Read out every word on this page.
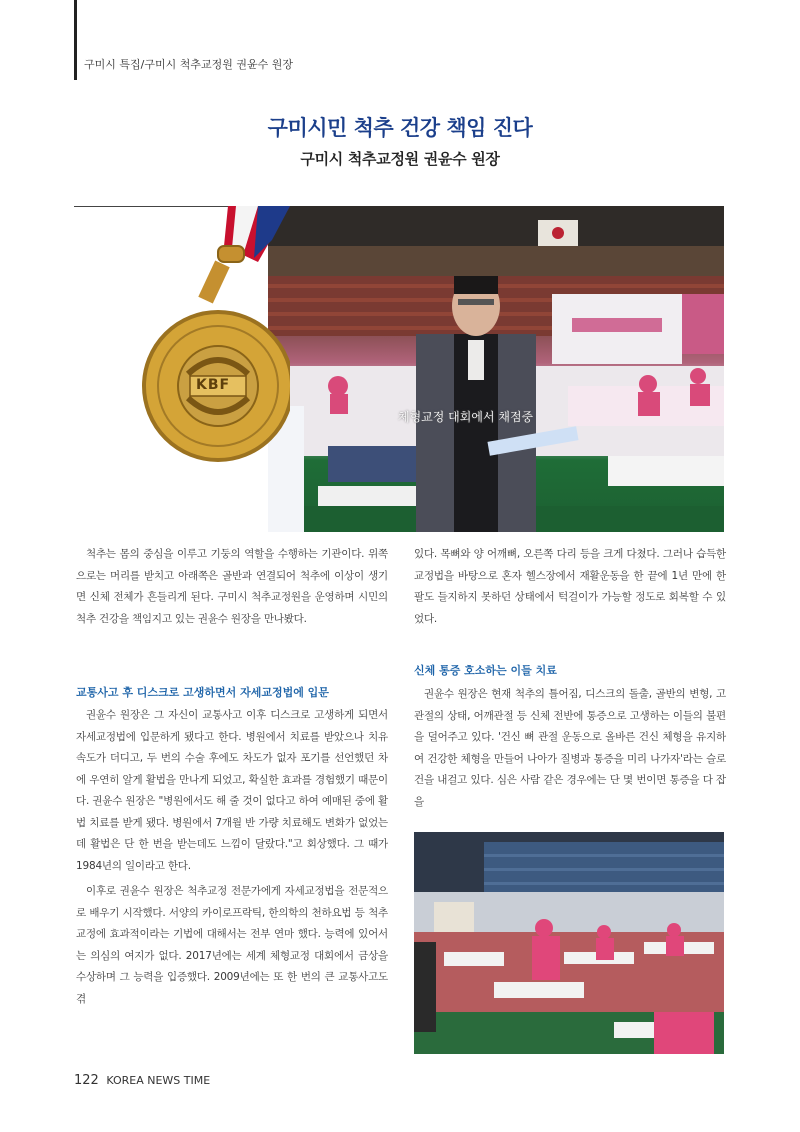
구미시 특집/구미시 척추교정원 권윤수 원장
구미시민 척추 건강 책임 진다
구미시 척추교정원 권윤수 원장
KBF
체형교정 대회에서 채점중

척추는 몸의 중심을 이루고 기둥의 역할을 수행하는 기관이다. 위쪽으로는 머리를 받치고 아래쪽은 골반과 연결되어 척추에 이상이 생기면 신체 전체가 흔들리게 된다. 구미시 척추교정원을 운영하며 시민의 척추 건강을 책임지고 있는 권윤수 원장을 만나봤다.

교통사고 후 디스크로 고생하면서 자세교정법에 입문

권윤수 원장은 그 자신이 교통사고 이후 디스크로 고생하게 되면서 자세교정법에 입문하게 됐다고 한다. 병원에서 치료를 받았으나 치유 속도가 더디고, 두 번의 수술 후에도 차도가 없자 포기를 선언했던 차에 우연히 알게 활법을 만나게 되었고, 확실한 효과를 경험했기 때문이다. 권윤수 원장은 "병원에서도 해 줄 것이 없다고 하여 예매된 중에 활법 치료를 받게 됐다. 병원에서 7개월 반 가량 치료해도 변화가 없었는데 활법은 단 한 번을 받는데도 느낌이 달랐다."고 회상했다. 그 때가 1984년의 일이라고 한다.

이후로 권윤수 원장은 척추교정 전문가에게 자세교정법을 전문적으로 배우기 시작했다. 서양의 카이로프락틱, 한의학의 천하요법 등 척추교정에 효과적이라는 기법에 대해서는 전부 연마 했다. 능력에 있어서는 의심의 여지가 없다. 2017년에는 세계 체형교정 대회에서 금상을 수상하며 그 능력을 입증했다. 2009년에는 또 한 번의 큰 교통사고도 겪

있다. 목뼈와 양 어깨뼈, 오른쪽 다리 등을 크게 다쳤다. 그러나 습득한 교정법을 바탕으로 혼자 헬스장에서 재활운동을 한 끝에 1년 만에 한 팔도 들지하지 못하던 상태에서 턱걸이가 가능할 정도로 회복할 수 있었다.

신체 통증 호소하는 이들 치료

권윤수 원장은 현재 척추의 틀어짐, 디스크의 돌출, 골반의 변형, 고관절의 상태, 어깨관절 등 신체 전반에 통증으로 고생하는 이들의 불편을 덜어주고 있다. '건신 뼈 관절 운동으로 올바른 건신 체형을 유지하여 건강한 체형을 만들어 나아가 질병과 통증을 미리 나가자'라는 슬로건을 내걸고 있다. 심은 사람 같은 경우에는 단 몇 번이면 통증을 다 잡을

122 KOREA NEWS TIME
